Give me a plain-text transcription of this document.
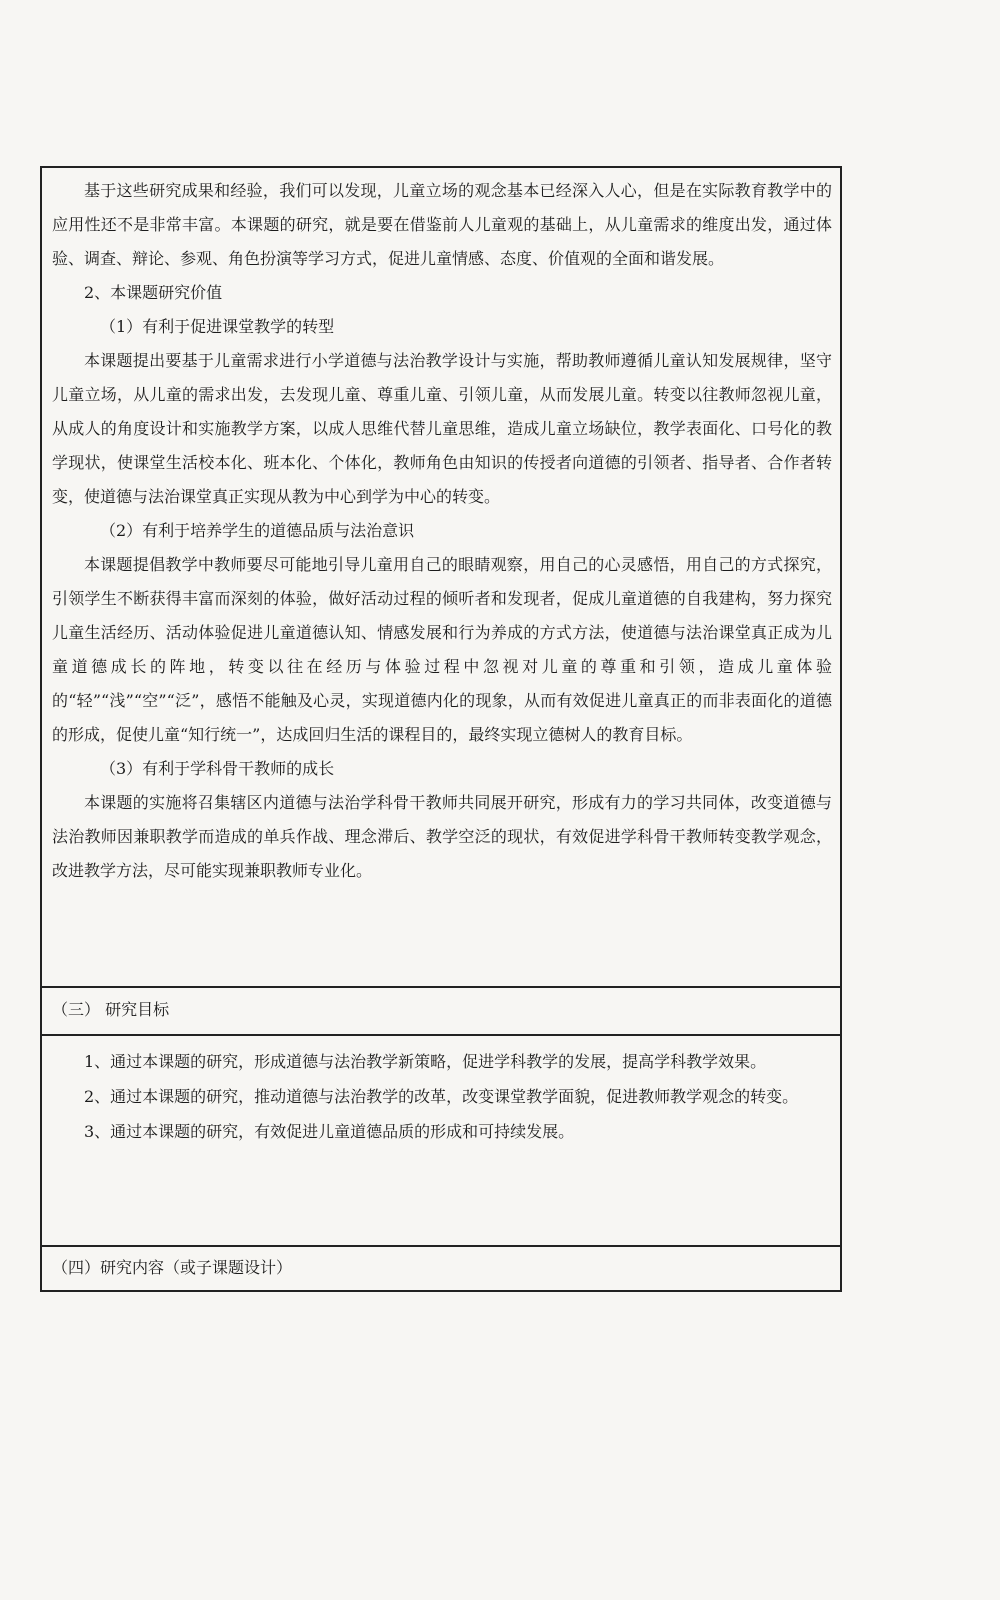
基于这些研究成果和经验，我们可以发现，儿童立场的观念基本已经深入人心，但是在实际教育教学中的应用性还不是非常丰富。本课题的研究，就是要在借鉴前人儿童观的基础上，从儿童需求的维度出发，通过体验、调查、辩论、参观、角色扮演等学习方式，促进儿童情感、态度、价值观的全面和谐发展。

2、本课题研究价值
（1）有利于促进课堂教学的转型

本课题提出要基于儿童需求进行小学道德与法治教学设计与实施，帮助教师遵循儿童认知发展规律，坚守儿童立场，从儿童的需求出发，去发现儿童、尊重儿童、引领儿童，从而发展儿童。转变以往教师忽视儿童，从成人的角度设计和实施教学方案，以成人思维代替儿童思维，造成儿童立场缺位，教学表面化、口号化的教学现状，使课堂生活校本化、班本化、个体化，教师角色由知识的传授者向道德的引领者、指导者、合作者转变，使道德与法治课堂真正实现从教为中心到学为中心的转变。

（2）有利于培养学生的道德品质与法治意识

本课题提倡教学中教师要尽可能地引导儿童用自己的眼睛观察，用自己的心灵感悟，用自己的方式探究，引领学生不断获得丰富而深刻的体验，做好活动过程的倾听者和发现者，促成儿童道德的自我建构，努力探究儿童生活经历、活动体验促进儿童道德认知、情感发展和行为养成的方式方法，使道德与法治课堂真正成为儿童道德成长的阵地，转变以往在经历与体验过程中忽视对儿童的尊重和引领，造成儿童体验的“轻”“浅”“空”“泛”，感悟不能触及心灵，实现道德内化的现象，从而有效促进儿童真正的而非表面化的道德的形成，促使儿童“知行统一”，达成回归生活的课程目的，最终实现立德树人的教育目标。

（3）有利于学科骨干教师的成长

本课题的实施将召集辖区内道德与法治学科骨干教师共同展开研究，形成有力的学习共同体，改变道德与法治教师因兼职教学而造成的单兵作战、理念滞后、教学空泛的现状，有效促进学科骨干教师转变教学观念，改进教学方法，尽可能实现兼职教师专业化。

（三） 研究目标

1、通过本课题的研究，形成道德与法治教学新策略，促进学科教学的发展，提高学科教学效果。

2、通过本课题的研究，推动道德与法治教学的改革，改变课堂教学面貌，促进教师教学观念的转变。

3、通过本课题的研究，有效促进儿童道德品质的形成和可持续发展。

（四）研究内容（或子课题设计）
